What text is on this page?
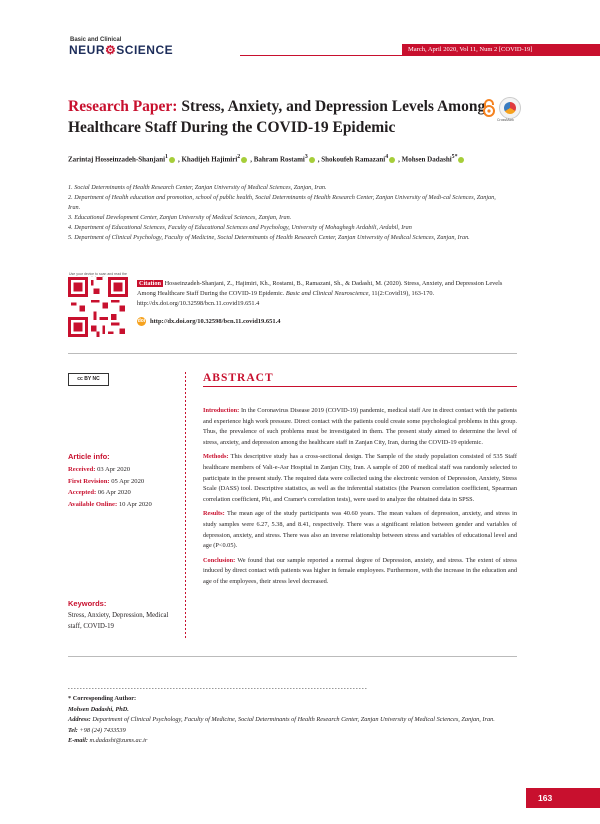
Basic and Clinical
NEUR⚙SCIENCE	March, April 2020, Vol 11, Num 2 [COVID-19]
Research Paper: Stress, Anxiety, and Depression Levels Among Healthcare Staff During the COVID-19 Epidemic	CrossMark
Zarintaj Hosseinzadeh-Shanjani$^1$ , Khadijeh Hajimiri$^2$ , Bahram Rostami$^3$ , Shokoufeh Ramazani$^4$ , Mohsen Dadashi$^{5*}$
1. Social Determinants of Health Research Center, Zanjan University of Medical Sciences, Zanjan, Iran.
2. Department of Health education and promotion, school of public health, Social Determinants of Health Research Center, Zanjan University of Medi-cal Sciences, Zanjan, Iran.
3. Educational Development Center, Zanjan University of Medical Sciences, Zanjan, Iran.
4. Department of Educational Sciences, Faculty of Educational Sciences and Psychology, University of Mohaghegh Ardabili, Ardabil, Iran
5. Department of Clinical Psychology, Faculty of Medicine, Social Determinants of Health Research Center, Zanjan University of Medical Sciences, Zanjan, Iran.
Use your device to scan and read the
Citation Hosseinzadeh-Shanjani, Z., Hajimiri, Kh., Rostami, B., Ramazani, Sh., & Dadashi, M. (2020). Stress, Anxiety, and Depression Levels Among Healthcare Staff During the COVID-19 Epidemic. Basic and Clinical Neuroscience, 11(2:Covid19), 163-170. http://dx.doi.org/10.32598/bcn.11.covid19.651.4
doi http://dx.doi.org/10.32598/bcn.11.covid19.651.4
cc BY NC
Article info:
Received: 03 Apr 2020
First Revision: 05 Apr 2020
Accepted: 06 Apr 2020
Available Online: 10 Apr 2020
Keywords:
Stress, Anxiety, Depression, Medical staff, COVID-19
ABSTRACT

Introduction: In the Coronavirus Disease 2019 (COVID-19) pandemic, medical staff Are in direct contact with the patients and experience high work pressure. Direct contact with the patients could create some psychological problems in this group. Thus, the prevalence of such problems must be investigated in them. The present study aimed to determine the level of stress, anxiety, and depression among the healthcare staff in Zanjan City, Iran, during the COVID-19 epidemic.

Methods: This descriptive study has a cross-sectional design. The Sample of the study population consisted of 535 Staff healthcare members of Vali-e-Asr Hospital in Zanjan City, Iran. A sample of 200 of medical staff was randomly selected to participate in the present study. The required data were collected using the electronic version of Depression, Anxiety, Stress Scale (DASS) tool. Descriptive statistics, as well as the inferential statistics (the Pearson correlation coefficient, Spearman correlation coefficient, Phi, and Cramer's correlation tests), were used to analyze the obtained data in SPSS.

Results: The mean age of the study participants was 40.60 years. The mean values of depression, anxiety, and stress in study samples were 6.27, 5.38, and 8.41, respectively. There was a significant relation between gender and variables of depression, anxiety, and stress. There was also an inverse relationship between stress and variables of educational level and age (P<0.05).

Conclusion: We found that our sample reported a normal degree of Depression, anxiety, and stress. The extent of stress induced by direct contact with patients was higher in female employees. Furthermore, with the increase in the education and age of the employees, their stress level decreased.

* Corresponding Author:
Mohsen Dadashi, PhD.
Address: Department of Clinical Psychology, Faculty of Medicine, Social Determinants of Health Research Center, Zanjan University of Medical Sciences, Zanjan, Iran.
Tel: +98 (24) 7433539
E-mail: m.dadashi@zums.ac.ir
163
